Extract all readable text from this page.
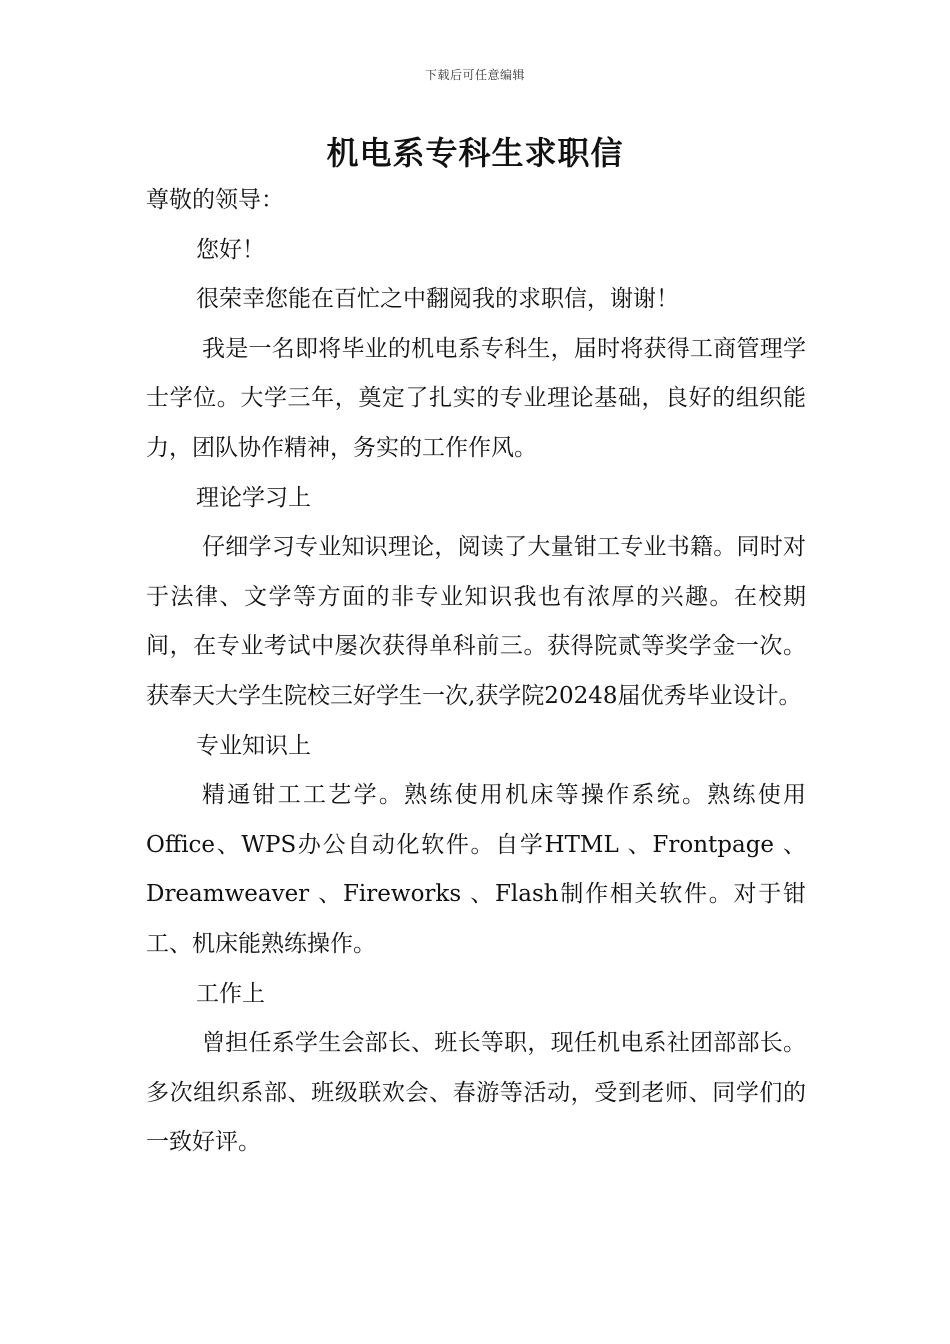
下载后可任意编辑
机电系专科生求职信

尊敬的领导：

您好！

很荣幸您能在百忙之中翻阅我的求职信，谢谢！

我是一名即将毕业的机电系专科生，届时将获得工商管理学士学位。大学三年，奠定了扎实的专业理论基础，良好的组织能力，团队协作精神，务实的工作作风。

理论学习上

仔细学习专业知识理论，阅读了大量钳工专业书籍。同时对于法律、文学等方面的非专业知识我也有浓厚的兴趣。在校期间，在专业考试中屡次获得单科前三。获得院贰等奖学金一次。获奉天大学生院校三好学生一次,获学院20248届优秀毕业设计。

专业知识上

精通钳工工艺学。熟练使用机床等操作系统。熟练使用Office、WPS办公自动化软件。自学HTML 、Frontpage 、Dreamweaver 、Fireworks 、Flash制作相关软件。对于钳工、机床能熟练操作。

工作上

曾担任系学生会部长、班长等职，现任机电系社团部部长。多次组织系部、班级联欢会、春游等活动，受到老师、同学们的一致好评。
